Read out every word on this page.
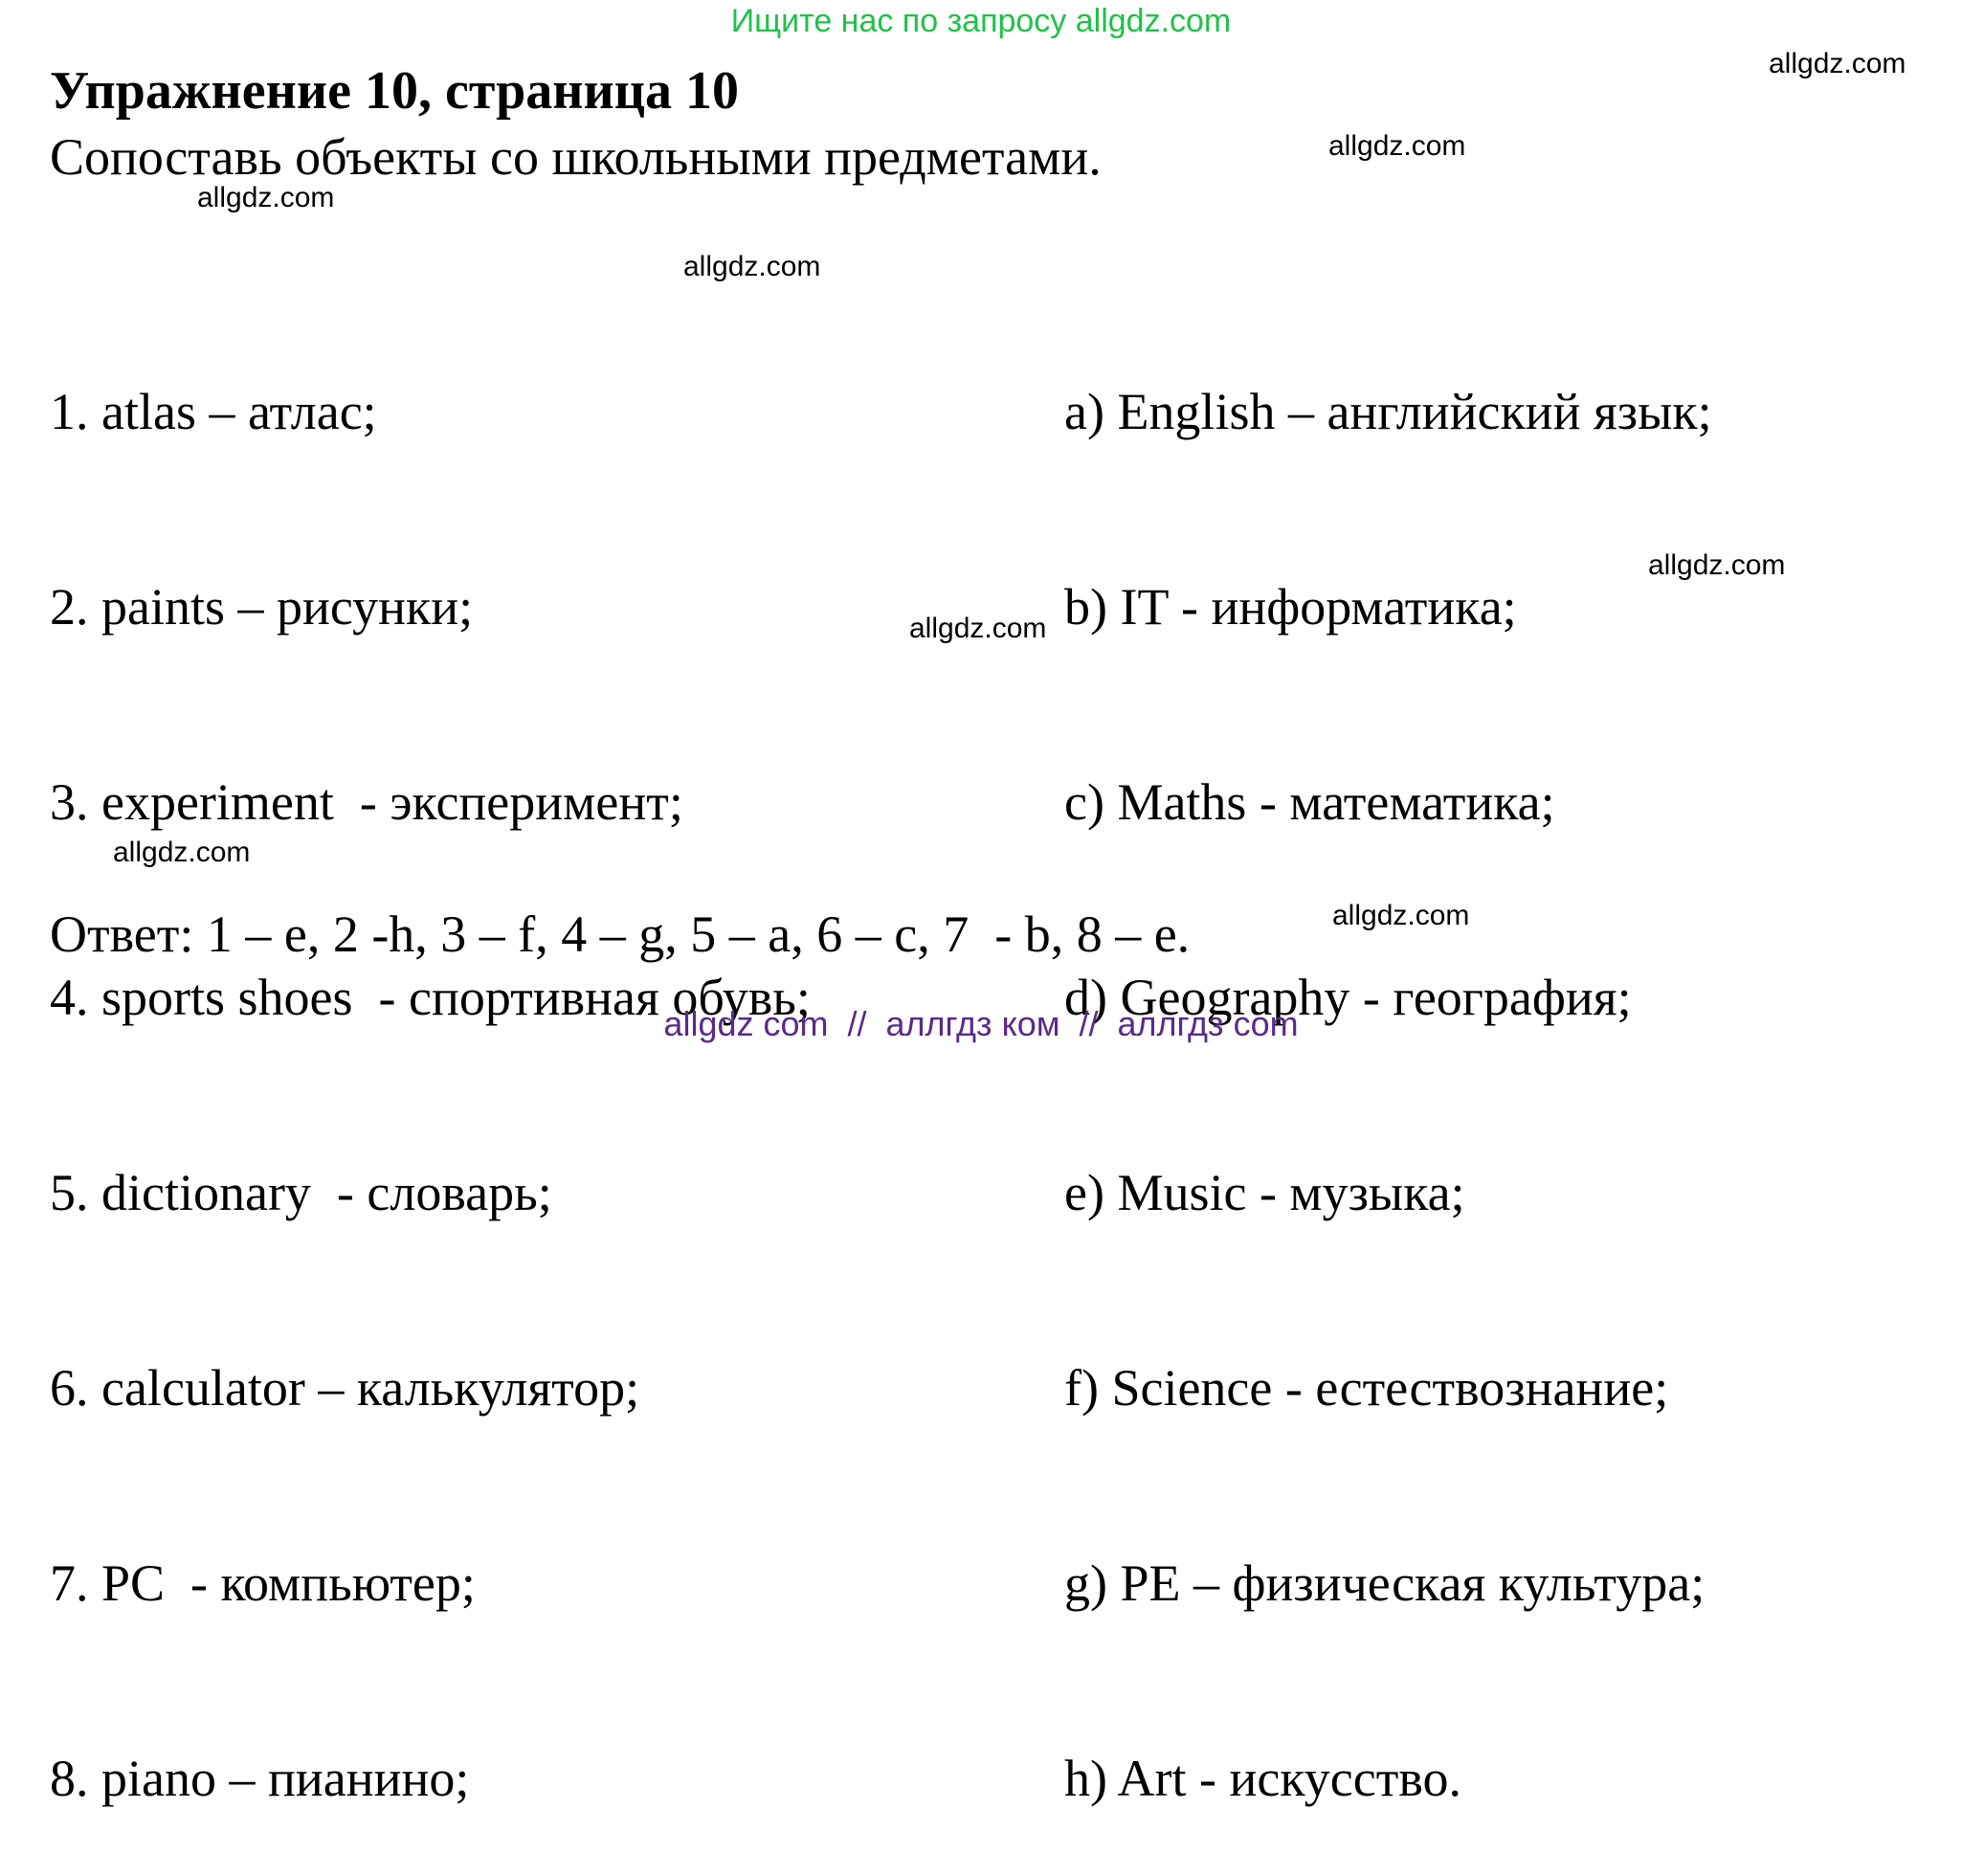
Ищите нас по запросу allgdz.com
Упражнение 10, страница 10
Сопоставь объекты со школьными предметами.
allgdz.com
allgdz.com
allgdz.com
allgdz.com
allgdz.com
allgdz.com
allgdz.com
allgdz.com

1. atlas – атлас;

2. paints – рисунки;

3. experiment  - эксперимент;

4. sports shoes  - спортивная обувь;

5. dictionary  - словарь;

6. calculator – калькулятор;

7. PC  - компьютер;

8. piano – пианино;

a) English – английский язык;

b) IT - информатика;

c) Maths - математика;

d) Geography - география;

e) Music - музыка;

f) Science - естествознание;

g) PE – физическая культура;

h) Art - искусство.

Ответ: 1 – e, 2 -h, 3 – f, 4 – g, 5 – a, 6 – c, 7  - b, 8 – e.
allgdz com  //  аллгдз ком  //  аллгдз com
